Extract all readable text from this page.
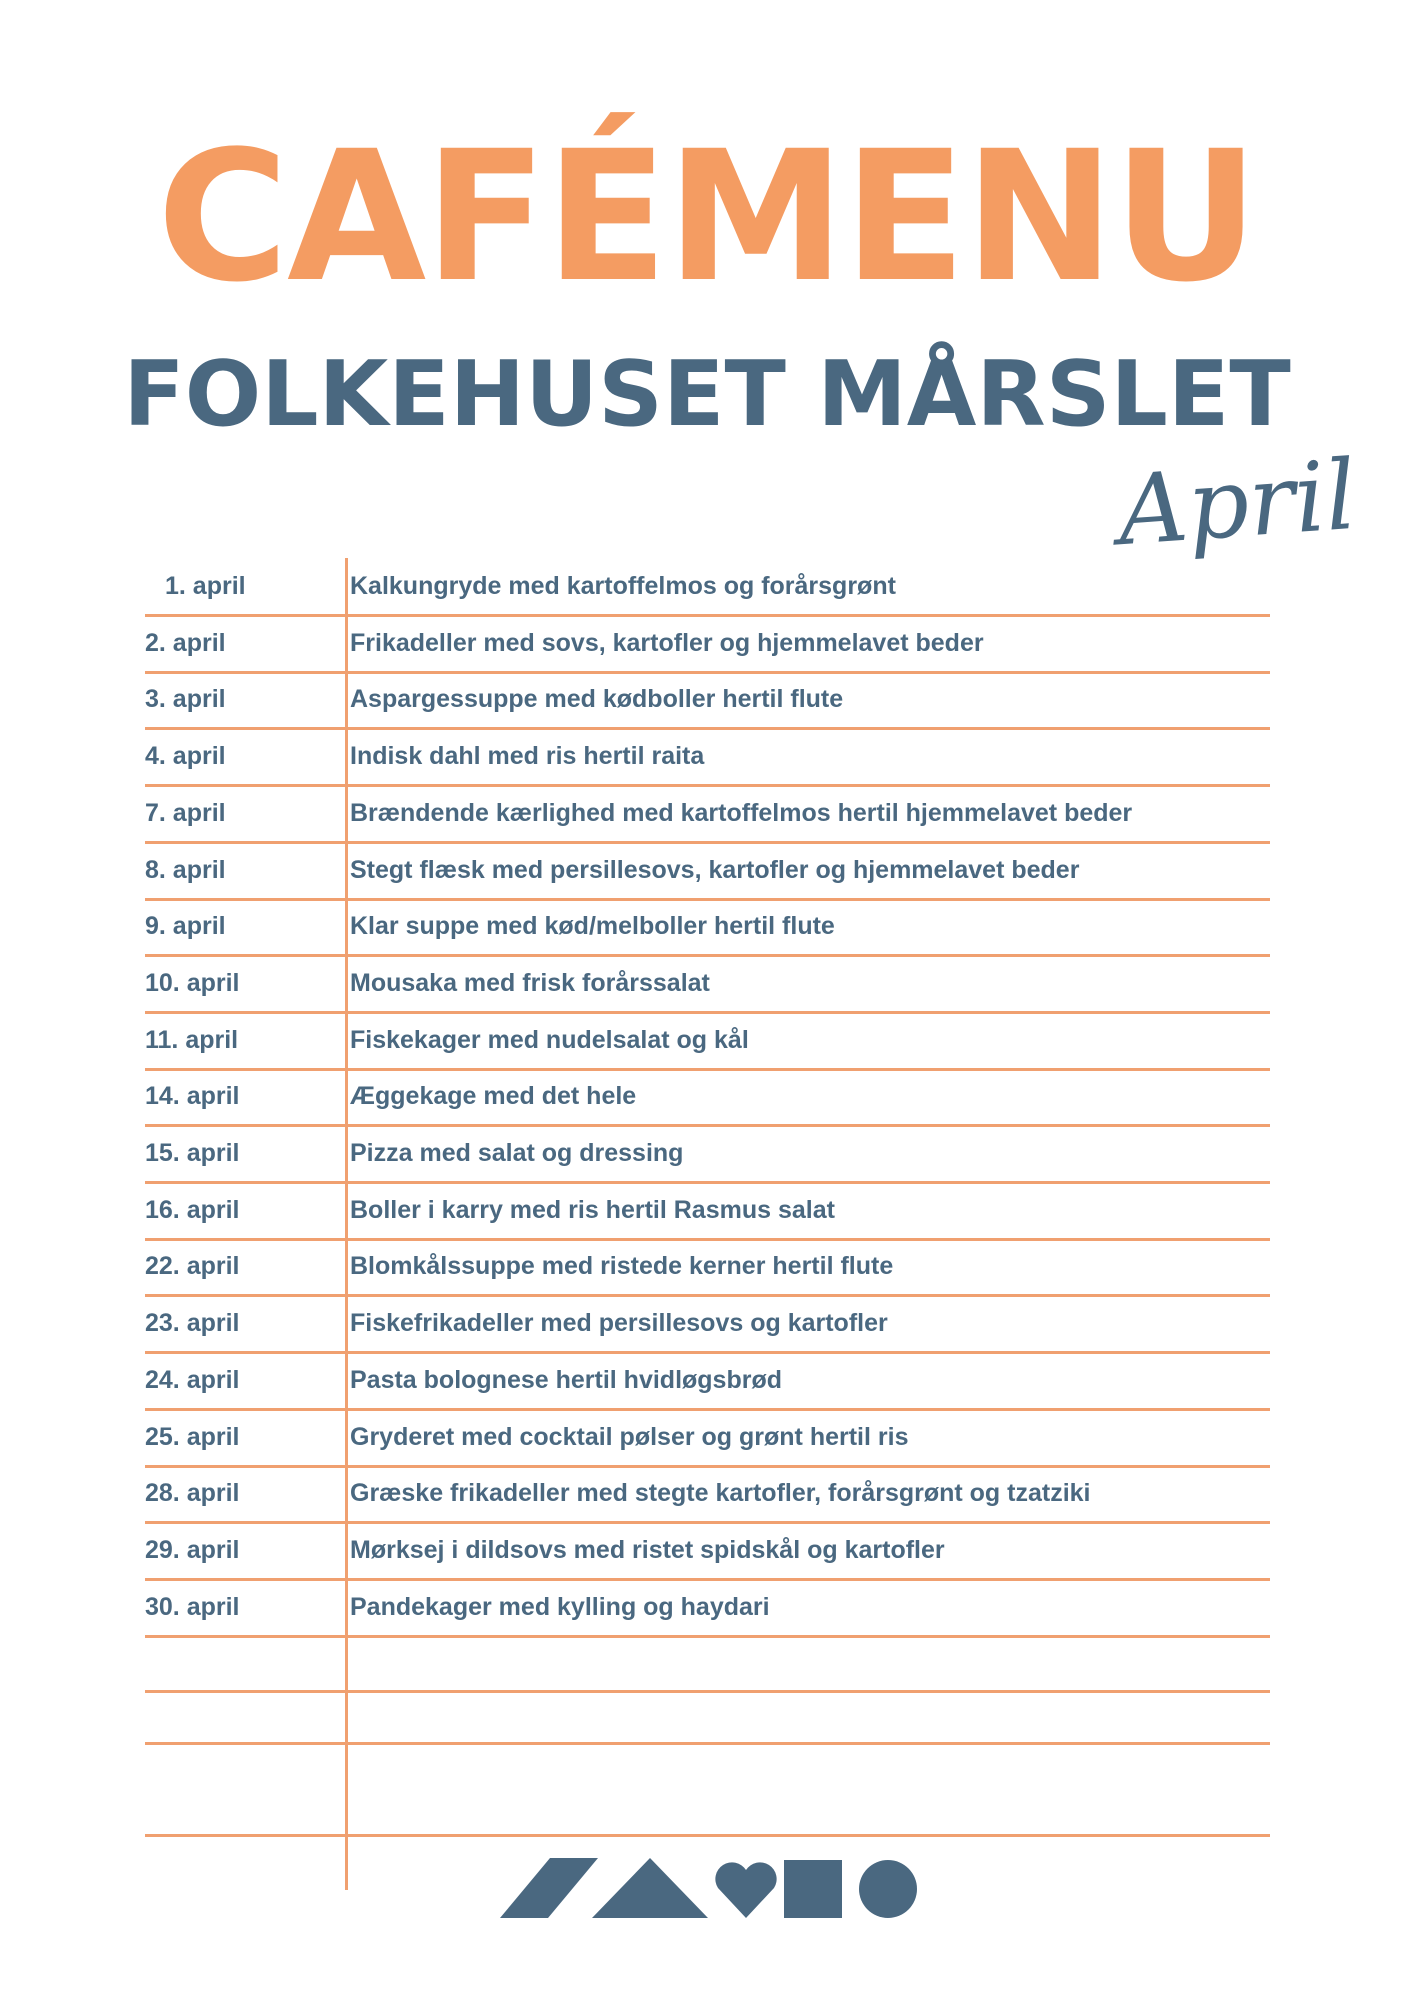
CAFÉMENU
FOLKEHUSET MÅRSLET
April
1. april	Kalkungryde med kartoffelmos og forårsgrønt
2. april	Frikadeller med sovs, kartofler og hjemmelavet beder
3. april	Aspargessuppe med kødboller hertil flute
4. april	Indisk dahl med ris hertil raita
7. april	Brændende kærlighed med kartoffelmos hertil hjemmelavet beder
8. april	Stegt flæsk med persillesovs, kartofler og hjemmelavet beder
9. april	Klar suppe med kød/melboller hertil flute
10. april	Mousaka med frisk forårssalat
11. april	Fiskekager med nudelsalat og kål
14. april	Æggekage med det hele
15. april	Pizza med salat og dressing
16. april	Boller i karry med ris hertil Rasmus salat
22. april	Blomkålssuppe med ristede kerner hertil flute
23. april	Fiskefrikadeller med persillesovs og kartofler
24. april	Pasta bolognese hertil hvidløgsbrød
25. april	Gryderet med cocktail pølser og grønt hertil ris
28. april	Græske frikadeller med stegte kartofler, forårsgrønt og tzatziki
29. april	Mørksej i dildsovs med ristet spidskål og kartofler
30. april	Pandekager med kylling og haydari
